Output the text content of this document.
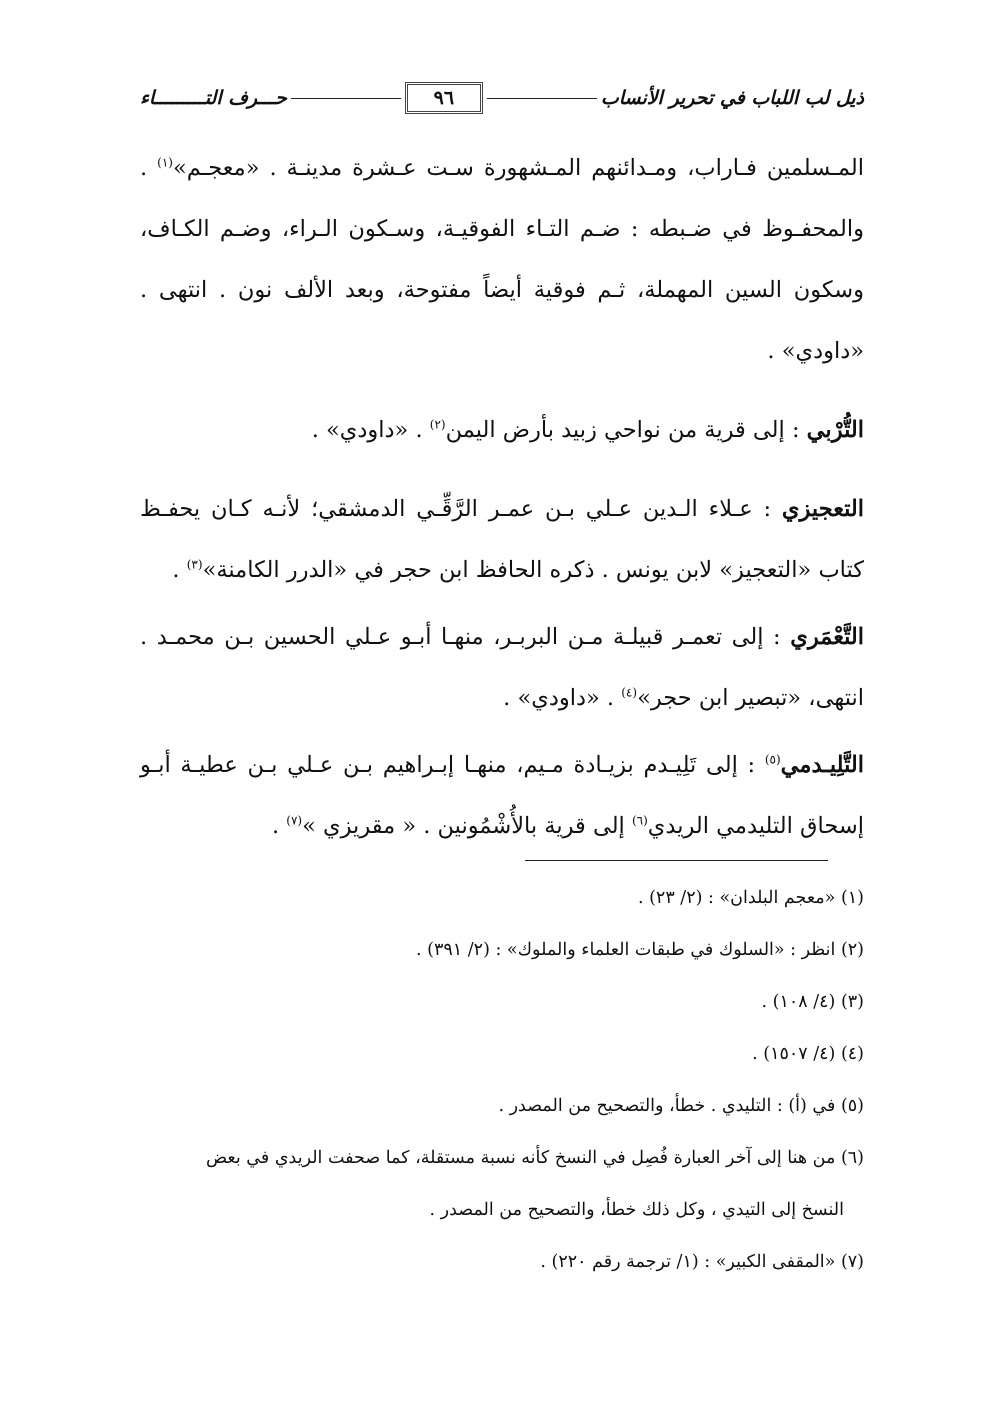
ذيل لب اللباب في تحرير الأنساب
٩٦
حـــرف التـــــــــاء

المـسلمين فـاراب، ومـدائنهم المـشهورة سـت عـشرة مدينـة . «معجـم»$^{(١)}$ .
والمحفـوظ في ضـبطه : ضـم التـاء الفوقيـة، وسـكون الـراء، وضـم الكـاف،
وسكون السين المهملة، ثـم فوقية أيضاً مفتوحة، وبعد الألف نون . انتهى .
«داودي» .

التُّرْبي : إلى قرية من نواحي زبيد بأرض اليمن$^{(٢)}$ . «داودي» .

التعجيزي : عـلاء الـدين عـلي بـن عمـر الرَّقِّـي الدمشقي؛ لأنـه كـان يحفـظ
كتاب «التعجيز» لابن يونس . ذكره الحافظ ابن حجر في «الدرر الكامنة»$^{(٣)}$ .

التَّعْمَري : إلى تعمـر قبيلـة مـن البربـر، منهـا أبـو عـلي الحسين بـن محمـد .
انتهى، «تبصير ابن حجر»$^{(٤)}$ . «داودي» .

التَّلِيـدمي$^{(٥)}$ : إلى تَلِيـدم بزيـادة مـيم، منهـا إبـراهيم بـن عـلي بـن عطيـة أبـو
إسحاق التليدمي الريدي$^{(٦)}$ إلى قرية بالأُشْمُونين . « مقريزي »$^{(٧)}$ .

(١) «معجم البلدان» : (٢/ ٢٣) .
(٢) انظر : «السلوك في طبقات العلماء والملوك» : (٢/ ٣٩١) .
(٣) (٤/ ١٠٨) .
(٤) (٤/ ١٥٠٧) .
(٥) في (أ) : التليدي . خطأ، والتصحيح من المصدر .
(٦) من هنا إلى آخر العبارة فُصِل في النسخ كأنه نسبة مستقلة، كما صحفت الريدي في بعض
النسخ إلى التيدي ، وكل ذلك خطأ، والتصحيح من المصدر .
(٧) «المقفى الكبير» : (١/ ترجمة رقم ٢٢٠) .
